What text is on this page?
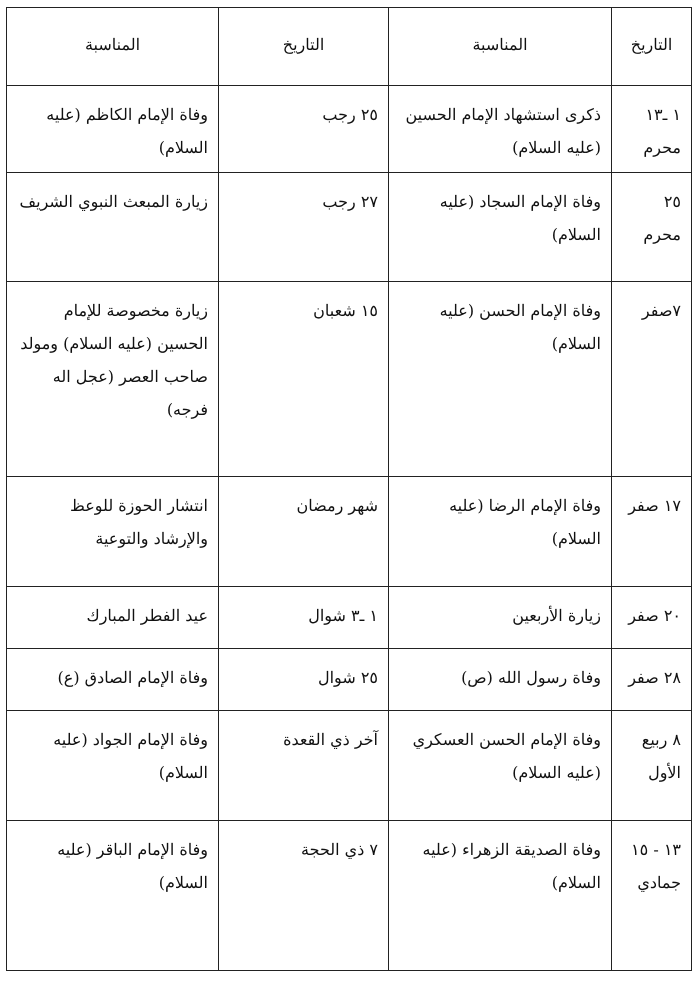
التاريخ	المناسبة	التاريخ	المناسبة
١ ـ١٣ محرم	ذكرى استشهاد الإمام الحسين (عليه السلام)	٢٥ رجب	وفاة الإمام الكاظم (عليه السلام)
٢٥ محرم	وفاة الإمام السجاد (عليه السلام)	٢٧ رجب	زيارة المبعث النبوي الشريف
٧صفر	وفاة الإمام الحسن (عليه السلام)	١٥ شعبان	زيارة مخصوصة للإمام الحسين (عليه السلام) ومولد صاحب العصر (عجل اله فرجه)
١٧ صفر	وفاة الإمام الرضا (عليه السلام)	شهر رمضان	انتشار الحوزة للوعظ والإرشاد والتوعية
٢٠ صفر	زيارة الأربعين	١ ـ٣ شوال	عيد الفطر المبارك
٢٨ صفر	وفاة رسول الله (ص)	٢٥ شوال	وفاة الإمام الصادق (ع)
٨ ربيع الأول	وفاة الإمام الحسن العسكري (عليه السلام)	آخر ذي القعدة	وفاة الإمام الجواد (عليه السلام)
١٣ - ١٥ جمادي	وفاة الصديقة الزهراء (عليه السلام)	٧ ذي الحجة	وفاة الإمام الباقر (عليه السلام)
